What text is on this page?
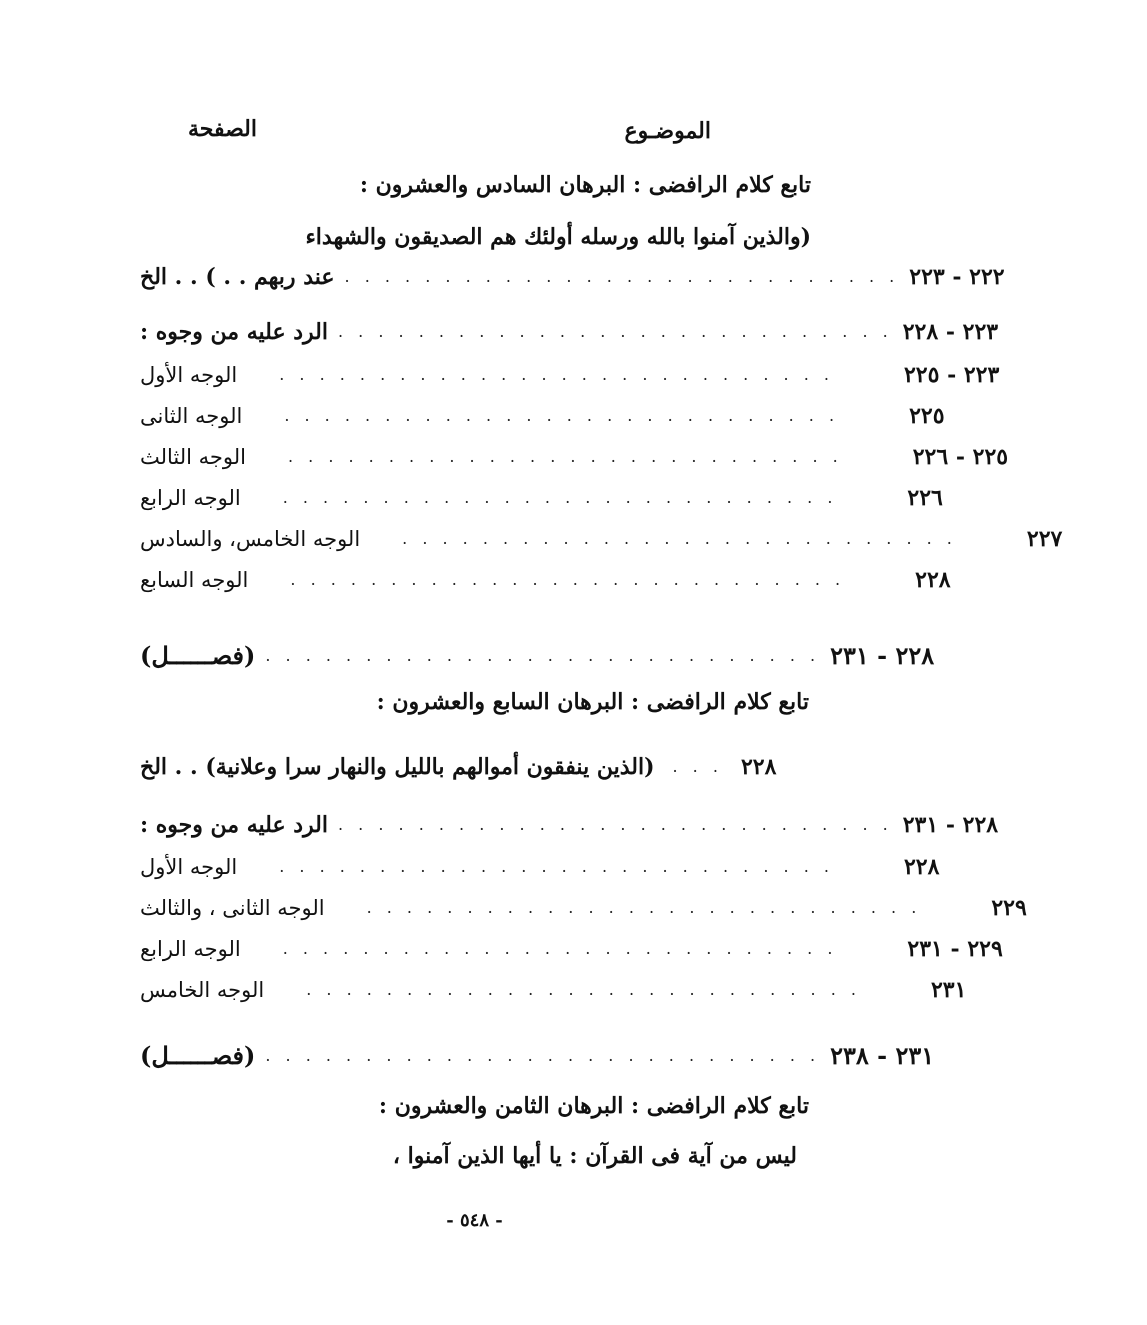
الموضـوع
الصفحة
تابع كلام الرافضى : البرهان السادس والعشرون :
(والذين آمنوا بالله ورسله أولئك هم الصديقون والشهداء
عند ربهم . . ) . . الخ . . . . . . . . . . . . . . . . . . . . . . . . . . . . ٢٢٢ - ٢٢٣
الرد عليه من وجوه : . . . . . . . . . . . . . . . . . . . . . . . . . . . . ٢٢٣ - ٢٢٨
الوجه الأول	. . . . . . . . . . . . . . . . . . . . . . . . . . . .	٢٢٣ - ٢٢٥
الوجه الثانى	. . . . . . . . . . . . . . . . . . . . . . . . . . . .	٢٢٥
الوجه الثالث	. . . . . . . . . . . . . . . . . . . . . . . . . . . .	٢٢٥ - ٢٢٦
الوجه الرابع	. . . . . . . . . . . . . . . . . . . . . . . . . . . .	٢٢٦
الوجه الخامس، والسادس	. . . . . . . . . . . . . . . . . . . . . . . . . . . .	٢٢٧
الوجه السابع	. . . . . . . . . . . . . . . . . . . . . . . . . . . .	٢٢٨
(فصــــــل) . . . . . . . . . . . . . . . . . . . . . . . . . . . . ٢٢٨ - ٢٣١
تابع كلام الرافضى : البرهان السابع والعشرون :
(الذين ينفقون أموالهم بالليل والنهار سرا وعلانية) . . الخ . . . ٢٢٨
الرد عليه من وجوه : . . . . . . . . . . . . . . . . . . . . . . . . . . . . ٢٢٨ - ٢٣١
الوجه الأول	. . . . . . . . . . . . . . . . . . . . . . . . . . . .	٢٢٨
الوجه الثانى ، والثالث	. . . . . . . . . . . . . . . . . . . . . . . . . . . .	٢٢٩
الوجه الرابع	. . . . . . . . . . . . . . . . . . . . . . . . . . . .	٢٢٩ - ٢٣١
الوجه الخامس	. . . . . . . . . . . . . . . . . . . . . . . . . . . .	٢٣١
(فصــــــل) . . . . . . . . . . . . . . . . . . . . . . . . . . . . ٢٣١ - ٢٣٨
تابع كلام الرافضى : البرهان الثامن والعشرون :
ليس من آية فى القرآن : يا أيها الذين آمنوا ،
- ٥٤٨ -
